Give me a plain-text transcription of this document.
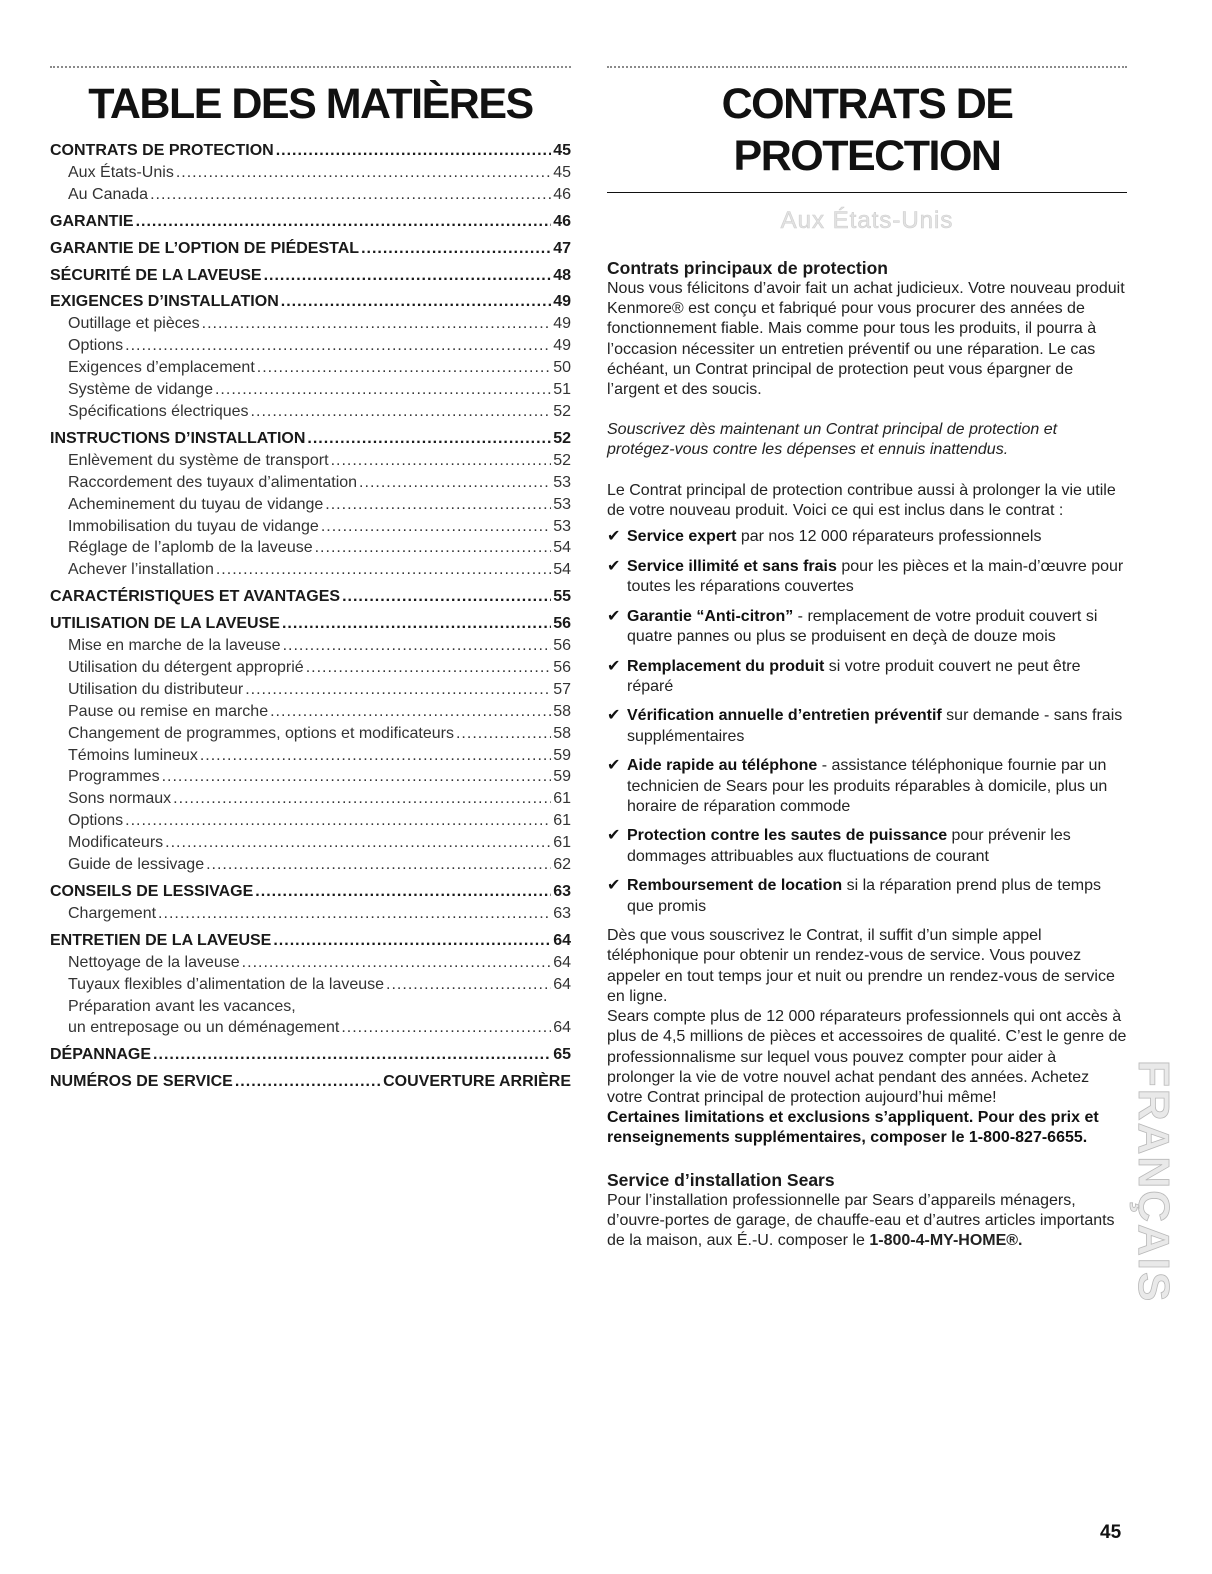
TABLE DES MATIÈRES
CONTRATS DE PROTECTION .....	45
Aux États-Unis .....	45
Au Canada .....	46
GARANTIE .....	46
GARANTIE DE L’OPTION DE PIÉDESTAL .....	47
SÉCURITÉ DE LA LAVEUSE .....	48
EXIGENCES D’INSTALLATION .....	49
Outillage et pièces .....	49
Options .....	49
Exigences d’emplacement .....	50
Système de vidange .....	51
Spécifications électriques .....	52
INSTRUCTIONS D’INSTALLATION .....	52
Enlèvement du système de transport .....	52
Raccordement des tuyaux d’alimentation .....	53
Acheminement du tuyau de vidange .....	53
Immobilisation du tuyau de vidange .....	53
Réglage de l’aplomb de la laveuse .....	54
Achever l’installation .....	54
CARACTÉRISTIQUES ET AVANTAGES .....	55
UTILISATION DE LA LAVEUSE .....	56
Mise en marche de la laveuse .....	56
Utilisation du détergent approprié .....	56
Utilisation du distributeur .....	57
Pause ou remise en marche .....	58
Changement de programmes, options et modificateurs .....	58
Témoins lumineux .....	59
Programmes .....	59
Sons normaux .....	61
Options .....	61
Modificateurs .....	61
Guide de lessivage .....	62
CONSEILS DE LESSIVAGE .....	63
Chargement .....	63
ENTRETIEN DE LA LAVEUSE .....	64
Nettoyage de la laveuse .....	64
Tuyaux flexibles d’alimentation de la laveuse .....	64
Préparation avant les vacances,
un entreposage ou un déménagement .....	64
DÉPANNAGE .....	65
NUMÉROS DE SERVICE .....	COUVERTURE ARRIÈRE
CONTRATS DE PROTECTION
Aux États-Unis
Contrats principaux de protection

Nous vous félicitons d’avoir fait un achat judicieux. Votre nouveau produit Kenmore® est conçu et fabriqué pour vous procurer des années de fonctionnement fiable. Mais comme pour tous les produits, il pourra à l’occasion nécessiter un entretien préventif ou une réparation. Le cas échéant, un Contrat principal de protection peut vous épargner de l’argent et des soucis.

Souscrivez dès maintenant un Contrat principal de protection et protégez-vous contre les dépenses et ennuis inattendus.

Le Contrat principal de protection contribue aussi à prolonger la vie utile de votre nouveau produit. Voici ce qui est inclus dans le contrat :

✔ Service expert par nos 12 000 réparateurs professionnels
✔ Service illimité et sans frais pour les pièces et la main-d’œuvre pour toutes les réparations couvertes
✔ Garantie “Anti-citron” - remplacement de votre produit couvert si quatre pannes ou plus se produisent en deçà de douze mois
✔ Remplacement du produit si votre produit couvert ne peut être réparé
✔ Vérification annuelle d’entretien préventif sur demande - sans frais supplémentaires
✔ Aide rapide au téléphone - assistance téléphonique fournie par un technicien de Sears pour les produits réparables à domicile, plus un horaire de réparation commode
✔ Protection contre les sautes de puissance pour prévenir les dommages attribuables aux fluctuations de courant
✔ Remboursement de location si la réparation prend plus de temps que promis

Dès que vous souscrivez le Contrat, il suffit d’un simple appel téléphonique pour obtenir un rendez-vous de service. Vous pouvez appeler en tout temps jour et nuit ou prendre un rendez-vous de service en ligne.

Sears compte plus de 12 000 réparateurs professionnels qui ont accès à plus de 4,5 millions de pièces et accessoires de qualité. C’est le genre de professionnalisme sur lequel vous pouvez compter pour aider à prolonger la vie de votre nouvel achat pendant des années. Achetez votre Contrat principal de protection aujourd’hui même!

Certaines limitations et exclusions s’appliquent. Pour des prix et renseignements supplémentaires, composer le 1-800-827-6655.

Service d’installation Sears

Pour l’installation professionnelle par Sears d’appareils ménagers, d’ouvre-portes de garage, de chauffe-eau et d’autres articles importants de la maison, aux É.-U. composer le 1-800-4-MY-HOME®.	FRANÇAIS
45
